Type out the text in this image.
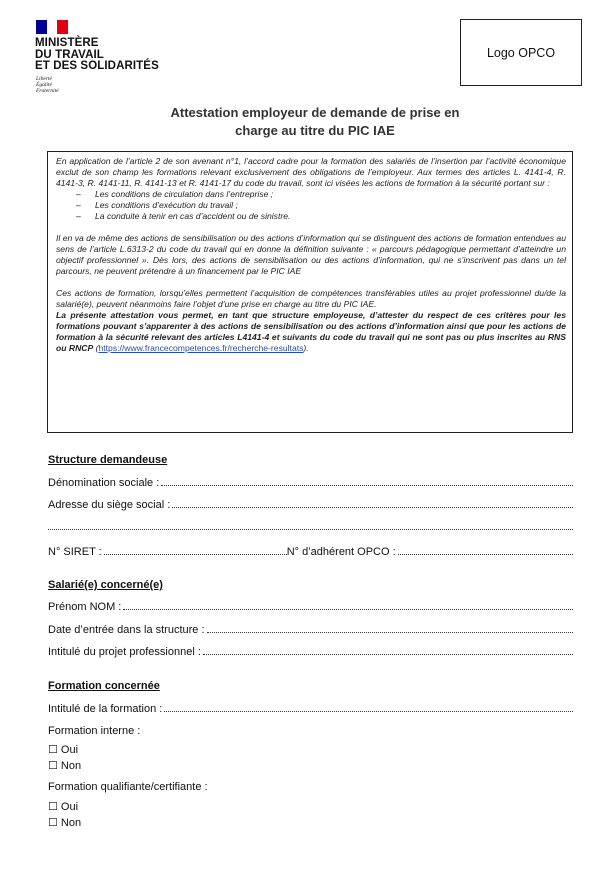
MINISTÈRE
DU TRAVAIL
ET DES SOLIDARITÉS
Liberté
Égalité
Fraternité
Logo OPCO
Attestation employeur de demande de prise en
charge au titre du PIC IAE

En application de l’article 2 de son avenant n°1, l’accord cadre pour la formation des salariés de l’insertion par l’activité économique exclut de son champ les formations relevant exclusivement des obligations de l’employeur. Aux termes des articles L. 4141-4, R. 4141-3, R. 4141-11, R. 4141-13 et R. 4141-17 du code du travail, sont ici visées les actions de formation à la sécurité portant sur :

– Les conditions de circulation dans l’entreprise ;
– Les conditions d’exécution du travail ;
– La conduite à tenir en cas d’accident ou de sinistre.

Il en va de même des actions de sensibilisation ou des actions d’information qui se distinguent des actions de formation entendues au sens de l’article L.6313-2 du code du travail qui en donne la définition suivante : « parcours pédagogique permettant d’atteindre un objectif professionnel ». Dès lors, des actions de sensibilisation ou des actions d’information, qui ne s’inscrivent pas dans un tel parcours, ne peuvent prétendre à un financement par le PIC IAE

Ces actions de formation, lorsqu’elles permettent l’acquisition de compétences transférables utiles au projet professionnel du/de la salarié(e), peuvent néanmoins faire l’objet d’une prise en charge au titre du PIC IAE.

La présente attestation vous permet, en tant que structure employeuse, d’attester du respect de ces critères pour les formations pouvant s’apparenter à des actions de sensibilisation ou des actions d’information ainsi que pour les actions de formation à la sécurité relevant des articles L4141-4 et suivants du code du travail qui ne sont pas ou plus inscrites au RNS ou RNCP (https://www.francecompetences.fr/recherche-resultats).

Structure demandeuse
Dénomination sociale :
Adresse du siège social :
N° SIRET :	N° d’adhérent OPCO :
Salarié(e) concerné(e)
Prénom NOM :
Date d’entrée dans la structure :
Intitulé du projet professionnel :
Formation concernée
Intitulé de la formation :
Formation interne :
☐ Oui
☐ Non
Formation qualifiante/certifiante :
☐ Oui
☐ Non
